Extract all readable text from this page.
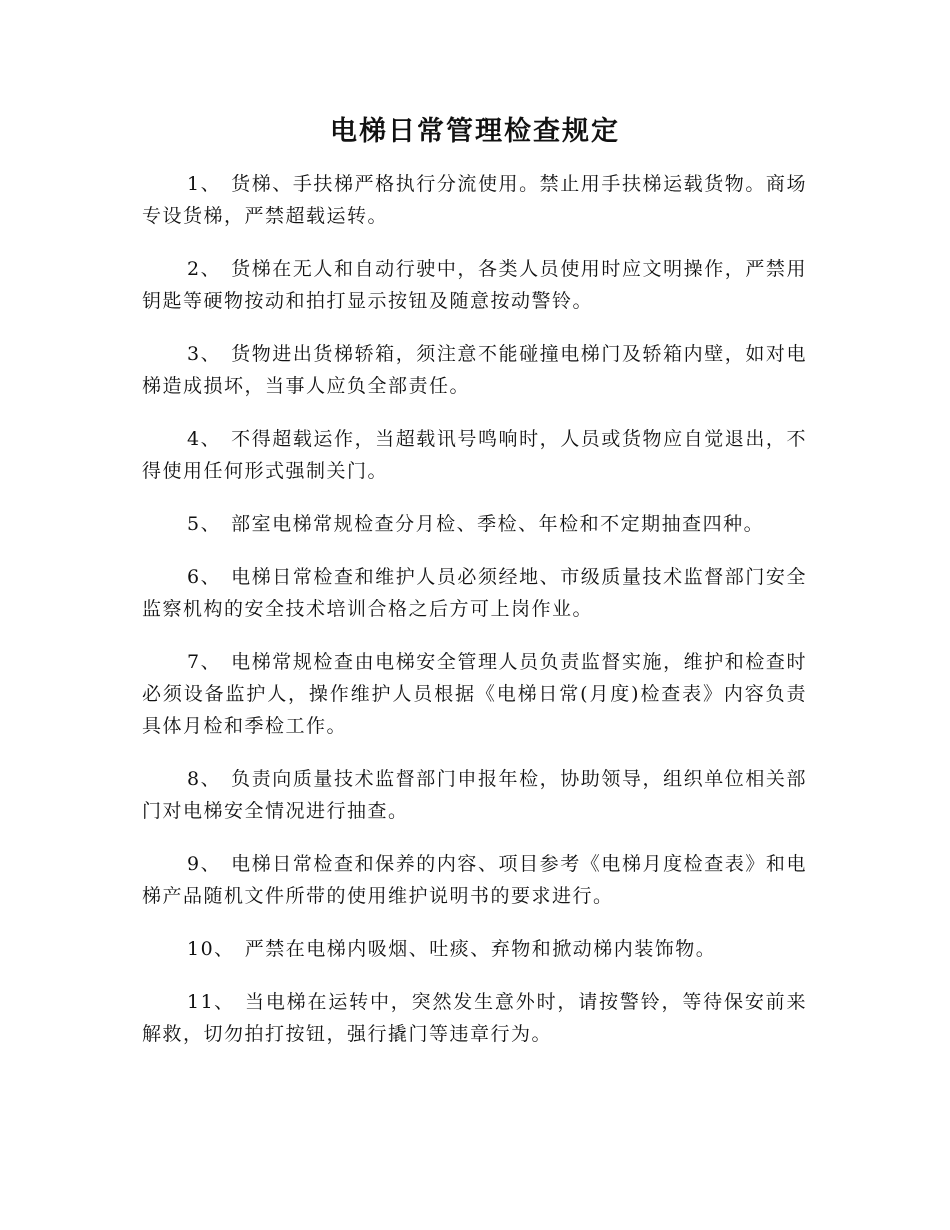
电梯日常管理检查规定

1、 货梯、手扶梯严格执行分流使用。禁止用手扶梯运载货物。商场专设货梯，严禁超载运转。

2、 货梯在无人和自动行驶中，各类人员使用时应文明操作，严禁用钥匙等硬物按动和拍打显示按钮及随意按动警铃。

3、 货物进出货梯轿箱，须注意不能碰撞电梯门及轿箱内壁，如对电梯造成损坏，当事人应负全部责任。

4、 不得超载运作，当超载讯号鸣响时，人员或货物应自觉退出，不得使用任何形式强制关门。

5、 部室电梯常规检查分月检、季检、年检和不定期抽查四种。

6、 电梯日常检查和维护人员必须经地、市级质量技术监督部门安全监察机构的安全技术培训合格之后方可上岗作业。

7、 电梯常规检查由电梯安全管理人员负责监督实施，维护和检查时必须设备监护人，操作维护人员根据《电梯日常(月度)检查表》内容负责具体月检和季检工作。

8、 负责向质量技术监督部门申报年检，协助领导，组织单位相关部门对电梯安全情况进行抽查。

9、 电梯日常检查和保养的内容、项目参考《电梯月度检查表》和电梯产品随机文件所带的使用维护说明书的要求进行。

10、 严禁在电梯内吸烟、吐痰、弃物和掀动梯内装饰物。

11、 当电梯在运转中，突然发生意外时，请按警铃，等待保安前来解救，切勿拍打按钮，强行撬门等违章行为。
